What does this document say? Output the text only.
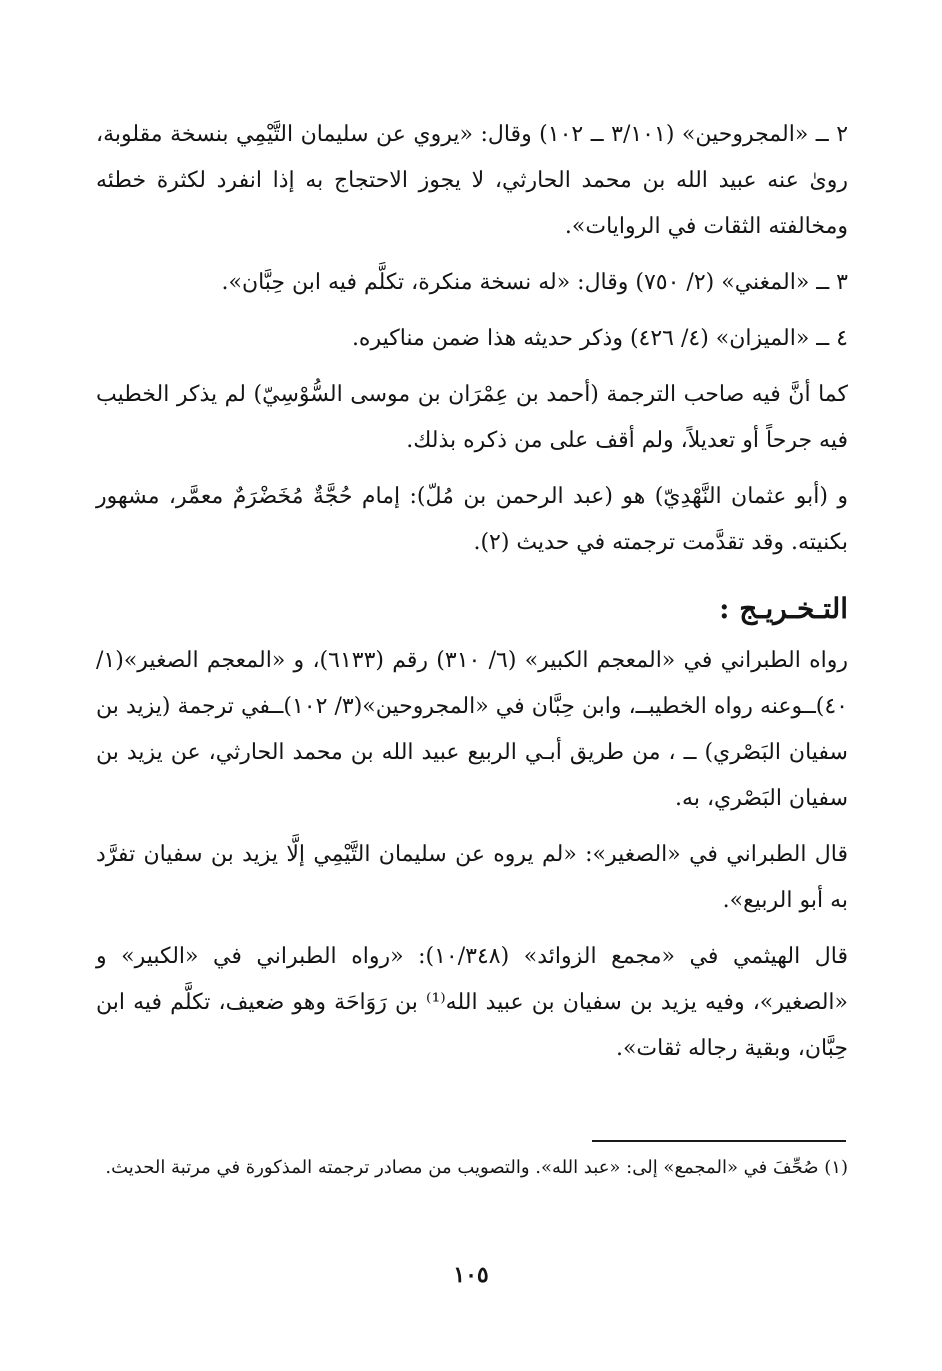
٢ ــ «المجروحين» (٣/١٠١ ــ ١٠٢) وقال: «يروي عن سليمان التَّيْمِي بنسخة مقلوبة، روىٰ عنه عبيد الله بن محمد الحارثي، لا يجوز الاحتجاج به إذا انفرد لكثرة خطئه ومخالفته الثقات في الروايات».

٣ ــ «المغني» (٢/ ٧٥٠) وقال: «له نسخة منكرة، تكلَّم فيه ابن حِبَّان».

٤ ــ «الميزان» (٤/ ٤٢٦) وذكر حديثه هذا ضمن مناكيره.

كما أنَّ فيه صاحب الترجمة (أحمد بن عِمْرَان بن موسى السُّوْسِيّ) لم يذكر الخطيب فيه جرحاً أو تعديلاً، ولم أقف على من ذكره بذلك.

و (أبو عثمان النَّهْدِيّ) هو (عبد الرحمن بن مُلّ): إمام حُجَّةٌ مُخَضْرَمٌ معمَّر، مشهور بكنيته. وقد تقدَّمت ترجمته في حديث (٢).

التـخـريـج :

رواه الطبراني في «المعجم الكبير» (٦/ ٣١٠) رقم (٦١٣٣)، و «المعجم الصغير»(١/ ٤٠)ــوعنه رواه الخطيبــ، وابن حِبَّان في «المجروحين»(٣/ ١٠٢)ــفي ترجمة (يزيد بن سفيان البَصْري) ــ ، من طريق أبـي الربيع عبيد الله بن محمد الحارثي، عن يزيد بن سفيان البَصْري، به.

قال الطبراني في «الصغير»: «لم يروه عن سليمان التَّيْمِي إلَّا يزيد بن سفيان تفرَّد به أبو الربيع».

قال الهيثمي في «مجمع الزوائد» (١٠/٣٤٨): «رواه الطبراني في «الكبير» و «الصغير»، وفيه يزيد بن سفيان بن عبيد الله⁽¹⁾ بن رَوَاحَة وهو ضعيف، تكلَّم فيه ابن حِبَّان، وبقية رجاله ثقات».

(١) صُحِّفَ في «المجمع» إلى: «عبد الله». والتصويب من مصادر ترجمته المذكورة في مرتبة الحديث.

١٠٥
